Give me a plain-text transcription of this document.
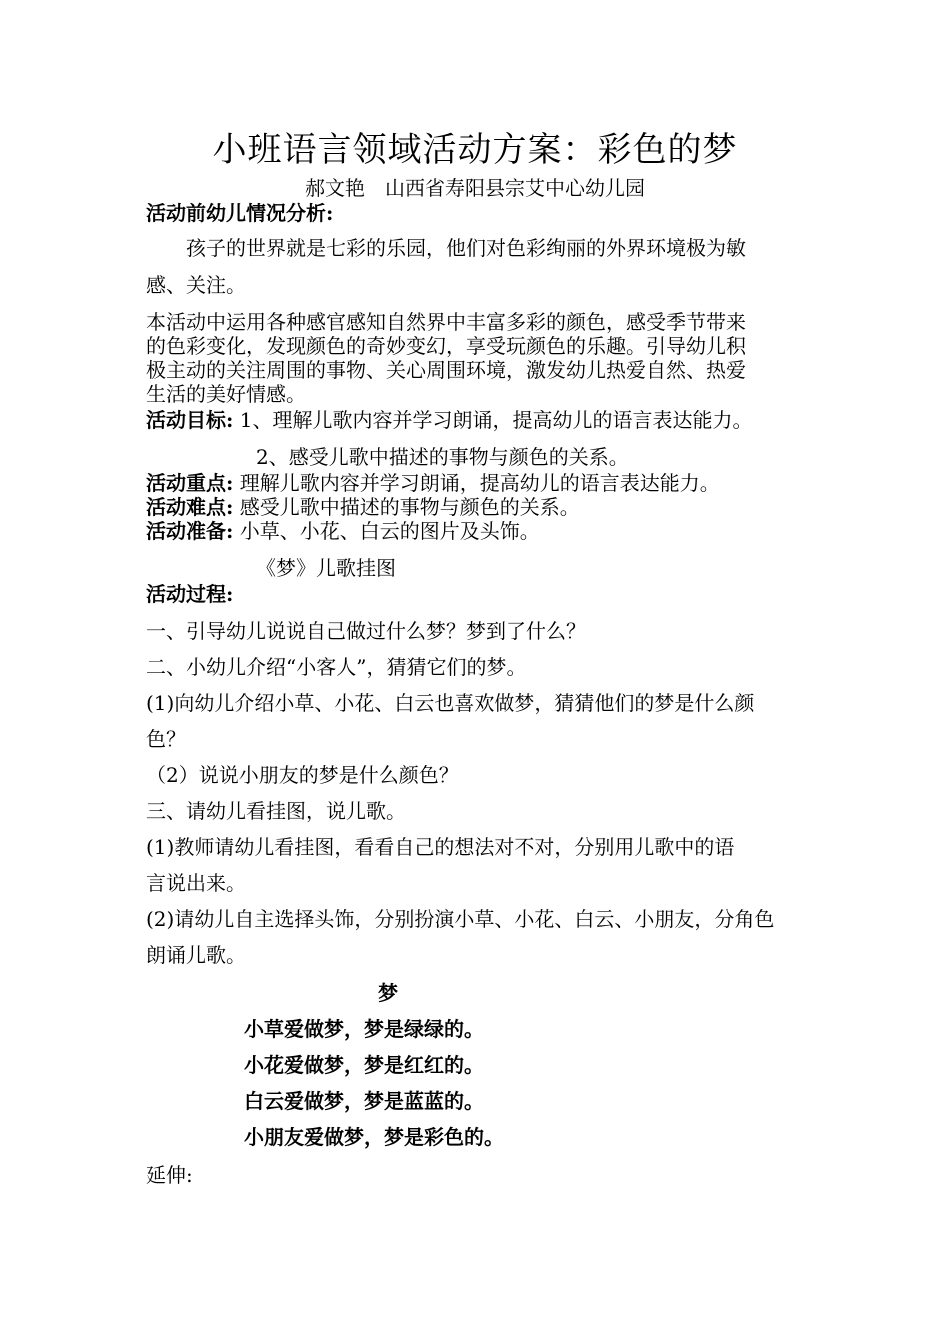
小班语言领域活动方案：彩色的梦
郝文艳　山西省寿阳县宗艾中心幼儿园
活动前幼儿情况分析:
孩子的世界就是七彩的乐园，他们对色彩绚丽的外界环境极为敏
感、关注。
本活动中运用各种感官感知自然界中丰富多彩的颜色，感受季节带来
的色彩变化，发现颜色的奇妙变幻，享受玩颜色的乐趣。引导幼儿积
极主动的关注周围的事物、关心周围环境，激发幼儿热爱自然、热爱
生活的美好情感。
活动目标: 1、理解儿歌内容并学习朗诵，提高幼儿的语言表达能力。
2、感受儿歌中描述的事物与颜色的关系。
活动重点: 理解儿歌内容并学习朗诵，提高幼儿的语言表达能力。
活动难点: 感受儿歌中描述的事物与颜色的关系。
活动准备: 小草、小花、白云的图片及头饰。
《梦》儿歌挂图
活动过程:
一、引导幼儿说说自己做过什么梦？梦到了什么？
二、小幼儿介绍“小客人”，猜猜它们的梦。
(1)向幼儿介绍小草、小花、白云也喜欢做梦，猜猜他们的梦是什么颜
色？
（2）说说小朋友的梦是什么颜色？
三、请幼儿看挂图，说儿歌。
(1)教师请幼儿看挂图，看看自己的想法对不对，分别用儿歌中的语
言说出来。
(2)请幼儿自主选择头饰，分别扮演小草、小花、白云、小朋友，分角色
朗诵儿歌。
梦
小草爱做梦，梦是绿绿的。
小花爱做梦，梦是红红的。
白云爱做梦，梦是蓝蓝的。
小朋友爱做梦，梦是彩色的。
延伸:
